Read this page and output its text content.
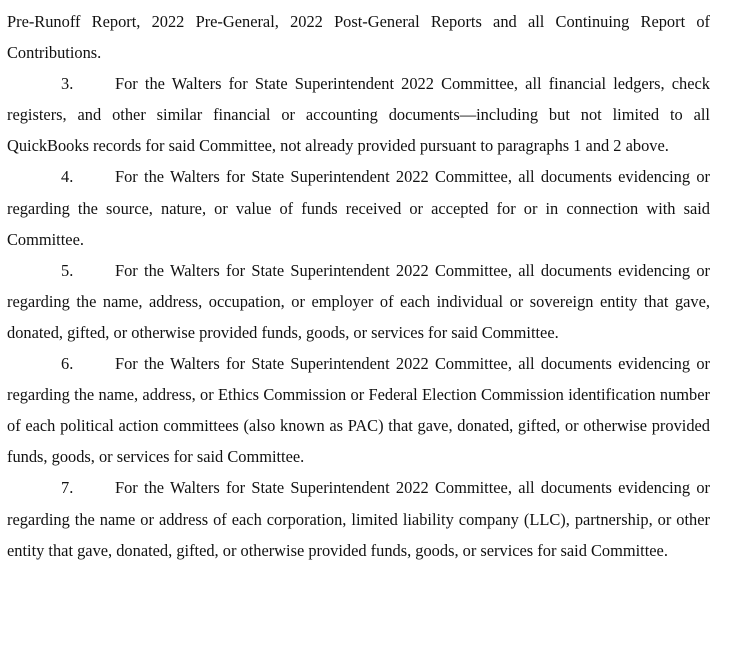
Pre-Runoff Report, 2022 Pre-General, 2022 Post-General Reports and all Continuing Report of Contributions.

3.	For the Walters for State Superintendent 2022 Committee, all financial ledgers, check registers, and other similar financial or accounting documents—including but not limited to all QuickBooks records for said Committee, not already provided pursuant to paragraphs 1 and 2 above.

4.	For the Walters for State Superintendent 2022 Committee, all documents evidencing or regarding the source, nature, or value of funds received or accepted for or in connection with said Committee.

5.	For the Walters for State Superintendent 2022 Committee, all documents evidencing or regarding the name, address, occupation, or employer of each individual or sovereign entity that gave, donated, gifted, or otherwise provided funds, goods, or services for said Committee.

6.	For the Walters for State Superintendent 2022 Committee, all documents evidencing or regarding the name, address, or Ethics Commission or Federal Election Commission identification number of each political action committees (also known as PAC) that gave, donated, gifted, or otherwise provided funds, goods, or services for said Committee.

7.	For the Walters for State Superintendent 2022 Committee, all documents evidencing or regarding the name or address of each corporation, limited liability company (LLC), partnership, or other entity that gave, donated, gifted, or otherwise provided funds, goods, or services for said Committee.
